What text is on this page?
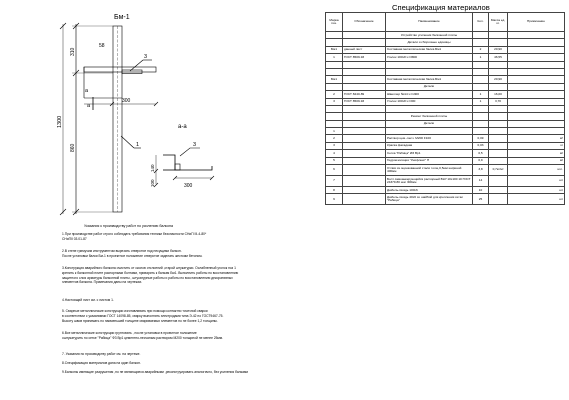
Бм-1
310
860
1300
58
300
3
1
а
а
а-а
140
100	300
3
Указания к производству работ по усилению балкона
1.При производстве работ строго соблюдать требования техники безопасности СНиП III-4-80*
СНиПII 03.01-87
2.В стене гримучим инструментом вырезать отверстие под несущими балкон.
После установки балки Бм-1 в проектное положение отверстие заделать жестким бетоном.
3.Конструкция аварийного балкона очистить от сколов отслоений ,старой штукатурки. Ослабленный уголок поз 1
крепить к балконной плите распорными болтами, приварить к балкам Бм1. Выполнить работы по восстановлению
защитного слоя арматуры балконной плиты , штукатурные работы и работы по восстановлению декоративных
элементов балкона. Примечания даны на чертежах.
4.Настоящий лист см. с листом 1.
5. Сварные металлические конструкции изготавливать при помощи контактно точечной сварки
в соответствии с указаниями ГОСТ 14098-85, сварку выполнять электродами типа Э-42 по ГОСТ9467-75.
Высоту швов принимать по наименьшей толщине свариваемых элементов но не более 1,2 толщины.
6.Все металлические конструкции грунтовать , после установки в проектное положение
оштукатурить по сетке "Рабица" Ф3 Вр1 цементно-песчаным раствором М200 толщиной не менее 25мм.
7. Указания по производству работ см. на чертеже.
8.Спецификация материалов дана на один балкон.
9.Балконы имеющие разрушения ,но не являющиеся аварийными ,реконструировать аналогично, без усиления балками
Спецификация материалов
Марка поз.	Обозначение	Наименование	Кол.	Масса ед. кг.	Примечание
		Устройство усиления балконной плиты			
		Детали и сборочные единицы			
Бм1	данный лист	Составная металлическая балка Бм1	2	20,90	
1	ГОСТ 8509-93	Уголок 100х8 L=3800	1	46,55	

Бм1		Составная металлическая балка Бм1		20,90	
		Детали			
2	ГОСТ 8240-89	Швеллер №14 L=1300	1	16,00	
3	ГОСТ 8509-93	Уголок 100х8 L=300	1	3,70	

		Ремонт балконной плиты			
		Детали			
1					
2		Раствор цем.-песч. М200 F100	0,09		м³
3		Краска фасадная	0,03		кг
4		Сетка "Рабица" Ø3 Вр1	0,5		м²
5		Гидроизоляция "Унифлекс" П	0,9		м²
6		Отлив из оцинкованной стали толщ.0,5мм шириной 400мм	3,8	0,7кг/м²	м.п.
7		Болт самоанкерующийся распорный BLP 10х100 10 ГОСТ 24379.80 шаг 300мм	14		шт
8		Дюбель-гвоздь 100х6	10		шт
9		Дюбель-гвоздь 40х6 со шайбой для крепления сетки "Рабица"	25		шт
